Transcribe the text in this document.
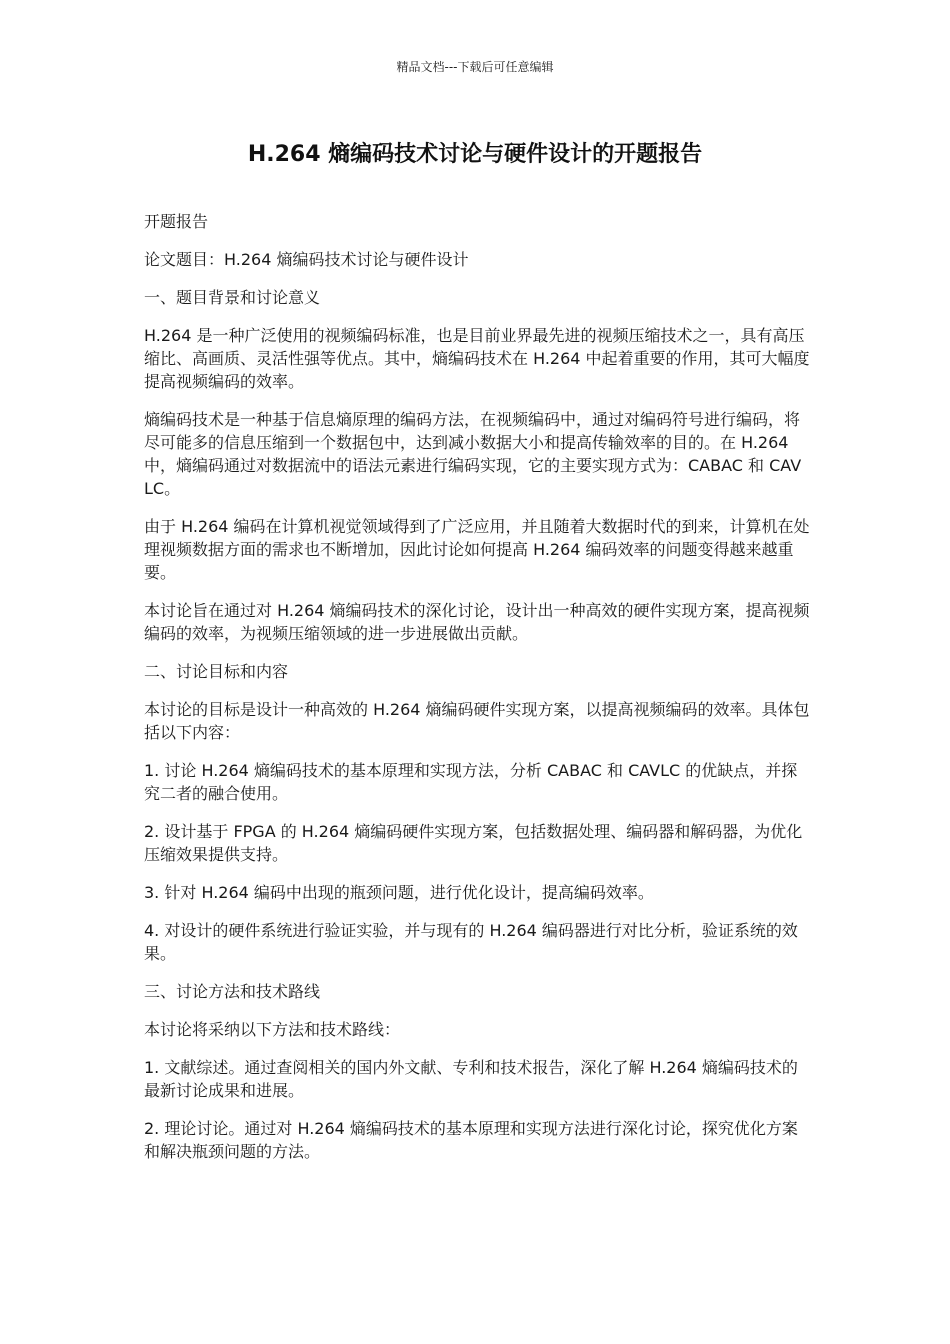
精品文档---下载后可任意编辑
H.264 熵编码技术讨论与硬件设计的开题报告

开题报告

论文题目：H.264 熵编码技术讨论与硬件设计

一、题目背景和讨论意义

H.264 是一种广泛使用的视频编码标准，也是目前业界最先进的视频压缩技术之一，具有高压缩比、高画质、灵活性强等优点。其中，熵编码技术在 H.264 中起着重要的作用，其可大幅度提高视频编码的效率。

熵编码技术是一种基于信息熵原理的编码方法，在视频编码中，通过对编码符号进行编码，将尽可能多的信息压缩到一个数据包中，达到减小数据大小和提高传输效率的目的。在 H.264 中，熵编码通过对数据流中的语法元素进行编码实现，它的主要实现方式为：CABAC 和 CAVLC。

由于 H.264 编码在计算机视觉领域得到了广泛应用，并且随着大数据时代的到来，计算机在处理视频数据方面的需求也不断增加，因此讨论如何提高 H.264 编码效率的问题变得越来越重要。

本讨论旨在通过对 H.264 熵编码技术的深化讨论，设计出一种高效的硬件实现方案，提高视频编码的效率，为视频压缩领域的进一步进展做出贡献。

二、讨论目标和内容

本讨论的目标是设计一种高效的 H.264 熵编码硬件实现方案，以提高视频编码的效率。具体包括以下内容：

1. 讨论 H.264 熵编码技术的基本原理和实现方法，分析 CABAC 和 CAVLC 的优缺点，并探究二者的融合使用。

2. 设计基于 FPGA 的 H.264 熵编码硬件实现方案，包括数据处理、编码器和解码器，为优化压缩效果提供支持。

3. 针对 H.264 编码中出现的瓶颈问题，进行优化设计，提高编码效率。

4. 对设计的硬件系统进行验证实验，并与现有的 H.264 编码器进行对比分析，验证系统的效果。

三、讨论方法和技术路线

本讨论将采纳以下方法和技术路线：

1. 文献综述。通过查阅相关的国内外文献、专利和技术报告，深化了解 H.264 熵编码技术的最新讨论成果和进展。

2. 理论讨论。通过对 H.264 熵编码技术的基本原理和实现方法进行深化讨论，探究优化方案和解决瓶颈问题的方法。
